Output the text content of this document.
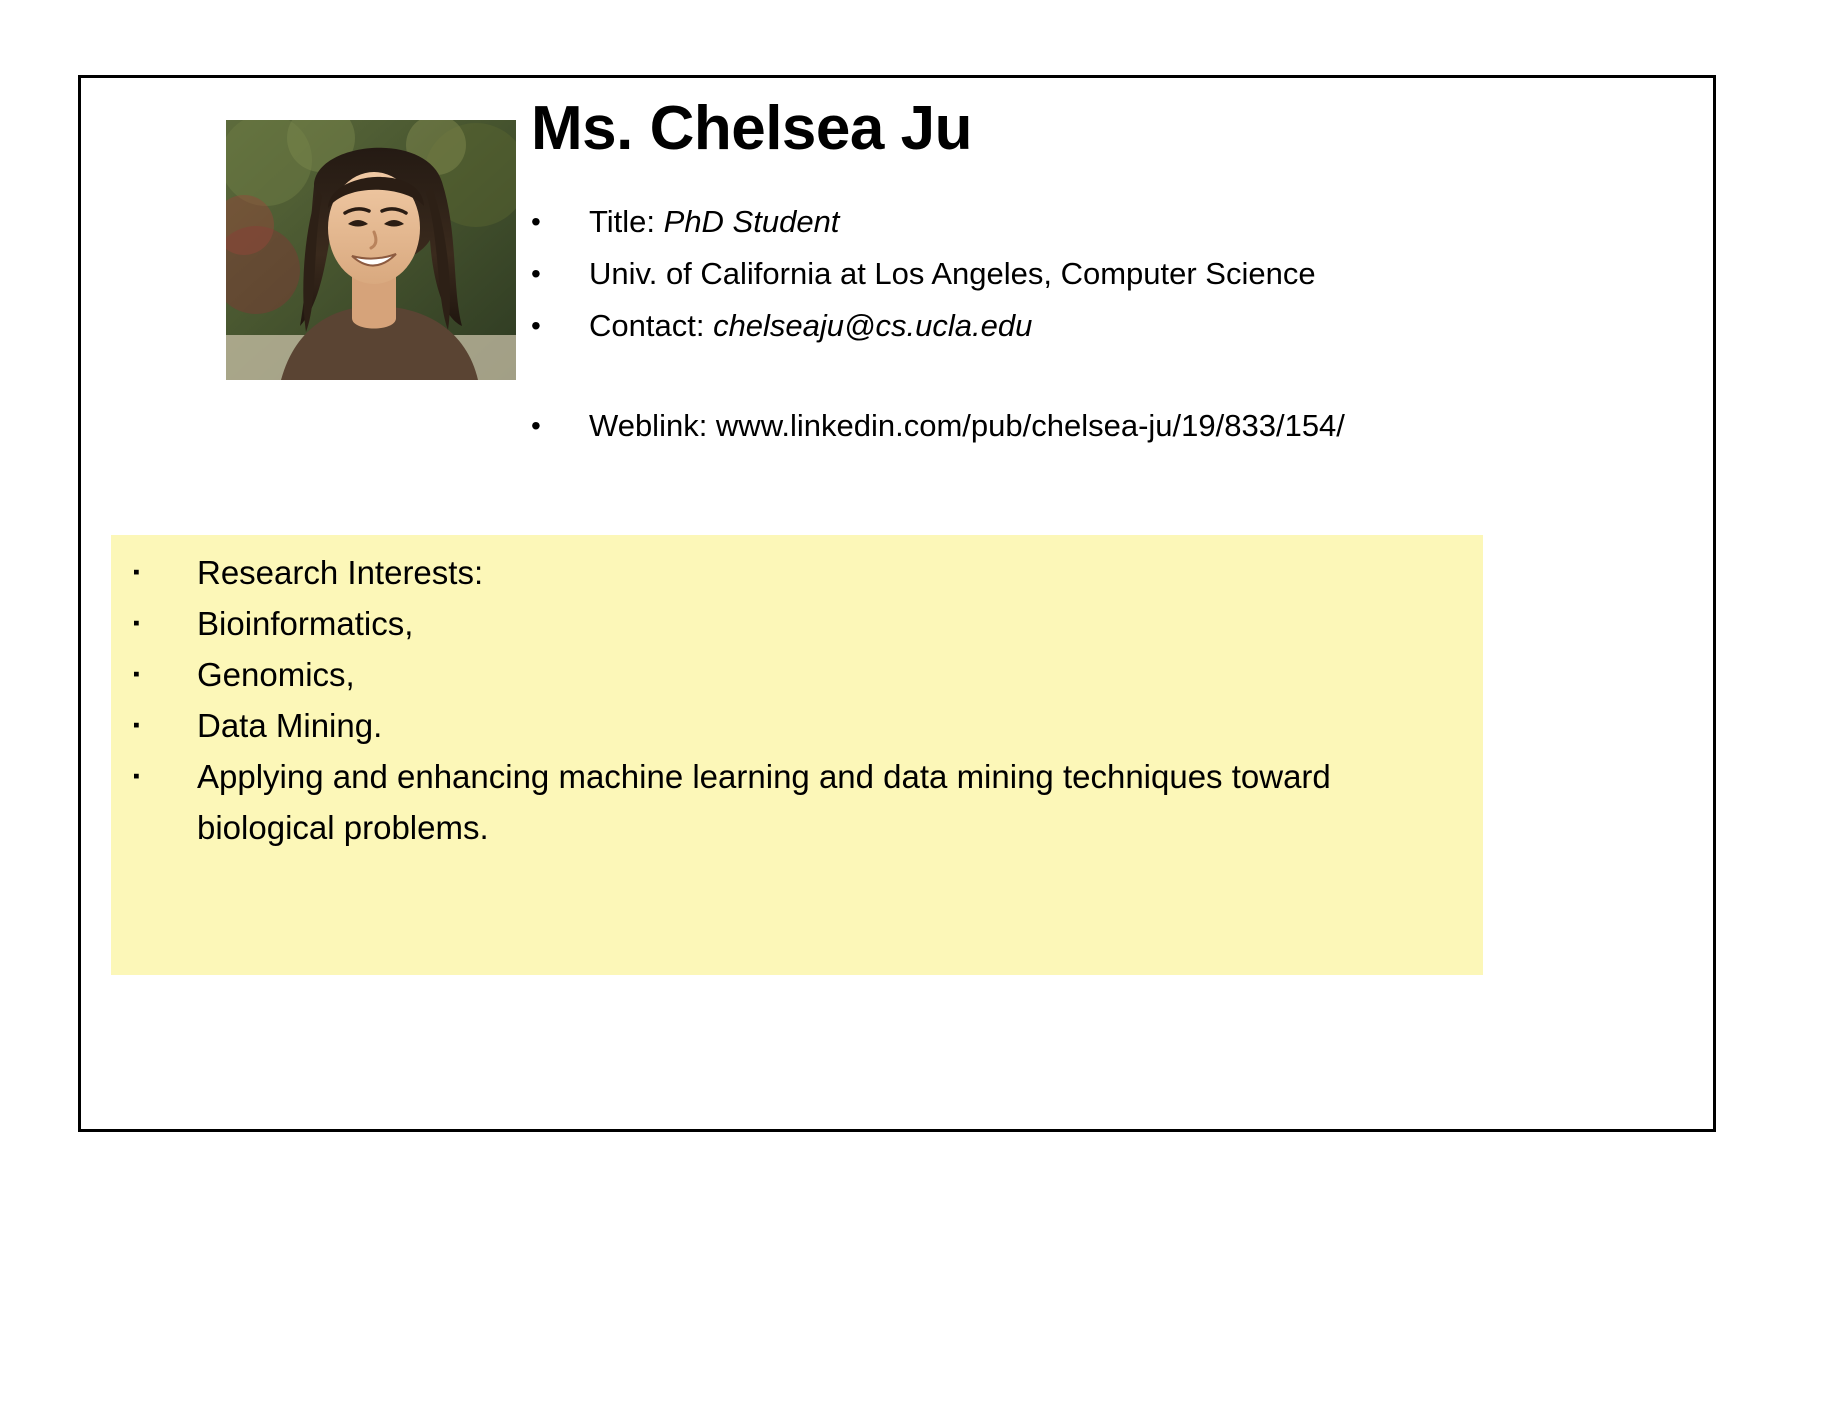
Ms. Chelsea Ju
•	Title: PhD Student
•	Univ. of California at Los Angeles, Computer Science
•	Contact: chelseaju@cs.ucla.edu
•	Weblink: www.linkedin.com/pub/chelsea-ju/19/833/154/
▪	Research Interests:
▪	Bioinformatics,
▪	Genomics,
▪	Data Mining.
▪	Applying and enhancing machine learning and data mining techniques toward biological problems.
